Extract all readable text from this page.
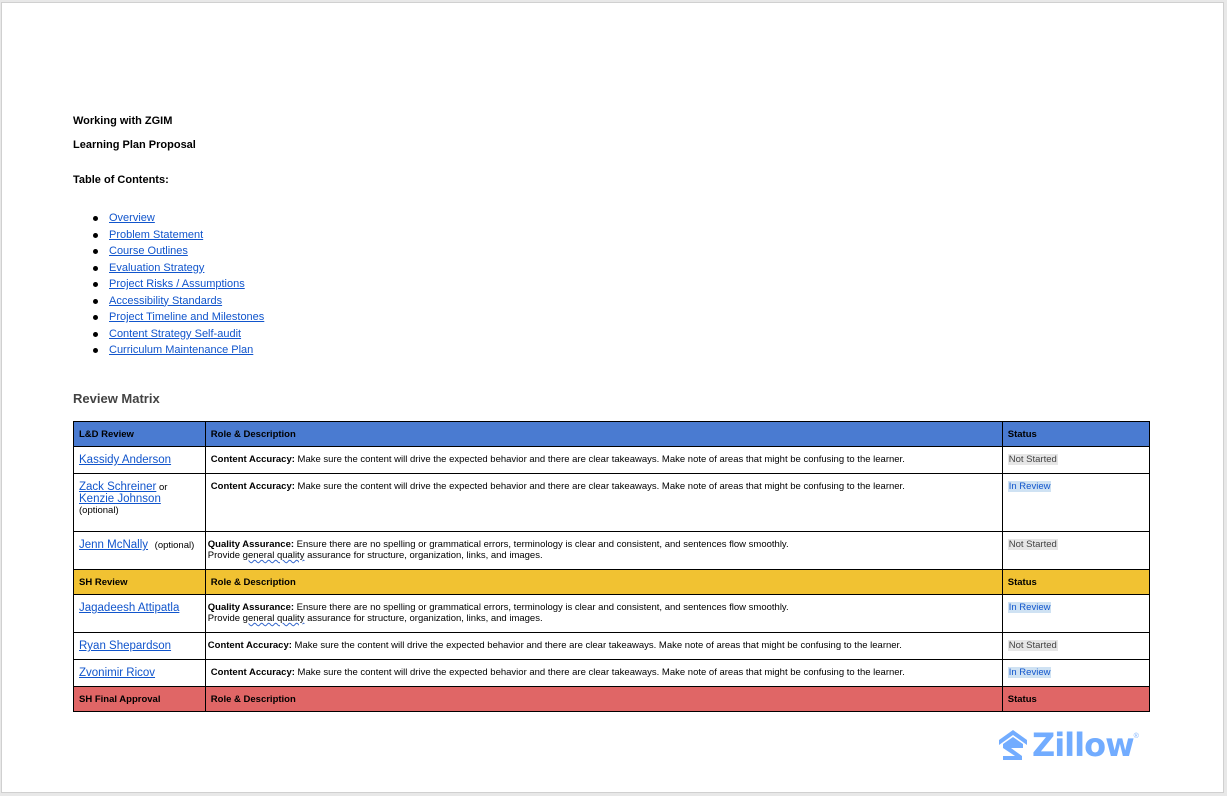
Working with ZGIM
Learning Plan Proposal
Table of Contents:
Overview
Problem Statement
Course Outlines
Evaluation Strategy
Project Risks / Assumptions
Accessibility Standards
Project Timeline and Milestones
Content Strategy Self-audit
Curriculum Maintenance Plan
Review Matrix
L&D Review	Role & Description	Status
Kassidy Anderson	Content Accuracy: Make sure the content will drive the expected behavior and there are clear takeaways. Make note of areas that might be confusing to the learner.	Not Started
Zack Schreiner or
Kenzie Johnson
(optional)	Content Accuracy: Make sure the content will drive the expected behavior and there are clear takeaways. Make note of areas that might be confusing to the learner.	In Review
Jenn McNally (optional)	Quality Assurance: Ensure there are no spelling or grammatical errors, terminology is clear and consistent, and sentences flow smoothly.
Provide general quality assurance for structure, organization, links, and images.	Not Started
SH Review	Role & Description	Status
Jagadeesh Attipatla	Quality Assurance: Ensure there are no spelling or grammatical errors, terminology is clear and consistent, and sentences flow smoothly.
Provide general quality assurance for structure, organization, links, and images.	In Review
Ryan Shepardson	Content Accuracy: Make sure the content will drive the expected behavior and there are clear takeaways. Make note of areas that might be confusing to the learner.	Not Started
Zvonimir Ricov	Content Accuracy: Make sure the content will drive the expected behavior and there are clear takeaways. Make note of areas that might be confusing to the learner.	In Review
SH Final Approval	Role & Description	Status
Zillow ®
